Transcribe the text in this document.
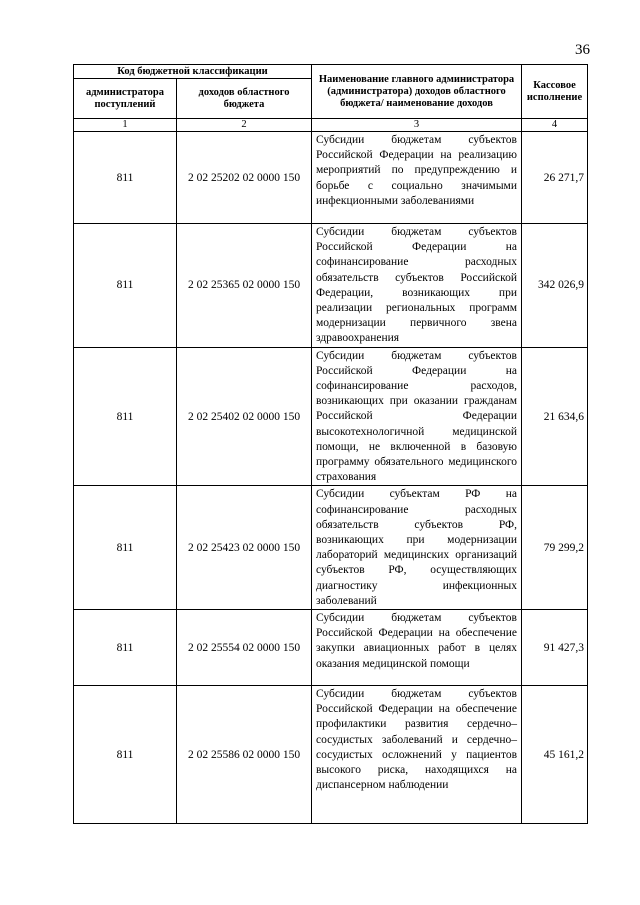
36
Код бюджетной классификации		Наименование главного администратора (администратора) доходов областного бюджета/ наименование доходов	Кассовое исполнение
администратора поступлений	доходов областного бюджета		
1	2	3	4
811	2 02 25202 02 0000 150	Субсидии бюджетам субъектов Российской Федерации на реализацию мероприятий по предупреждению и борьбе с социально значимыми инфекционными заболеваниями	26 271,7
811	2 02 25365 02 0000 150	Субсидии бюджетам субъектов Российской Федерации на софинансирование расходных обязательств субъектов Российской Федерации, возникающих при реализации региональных программ модернизации первичного звена здравоохранения	342 026,9
811	2 02 25402 02 0000 150	Субсидии бюджетам субъектов Российской Федерации на софинансирование расходов, возникающих при оказании гражданам Российской Федерации высокотехнологичной медицинской помощи, не включенной в базовую программу обязательного медицинского страхования	21 634,6
811	2 02 25423 02 0000 150	Субсидии субъектам РФ на софинансирование расходных обязательств субъектов РФ, возникающих при модернизации лабораторий медицинских организаций субъектов РФ, осуществляющих диагностику инфекционных заболеваний	79 299,2
811	2 02 25554 02 0000 150	Субсидии бюджетам субъектов Российской Федерации на обеспечение закупки авиационных работ в целях оказания медицинской помощи	91 427,3
811	2 02 25586 02 0000 150	Субсидии бюджетам субъектов Российской Федерации на обеспечение профилактики развития сердечно–сосудистых заболеваний и сердечно–сосудистых осложнений у пациентов высокого риска, находящихся на диспансерном наблюдении	45 161,2
